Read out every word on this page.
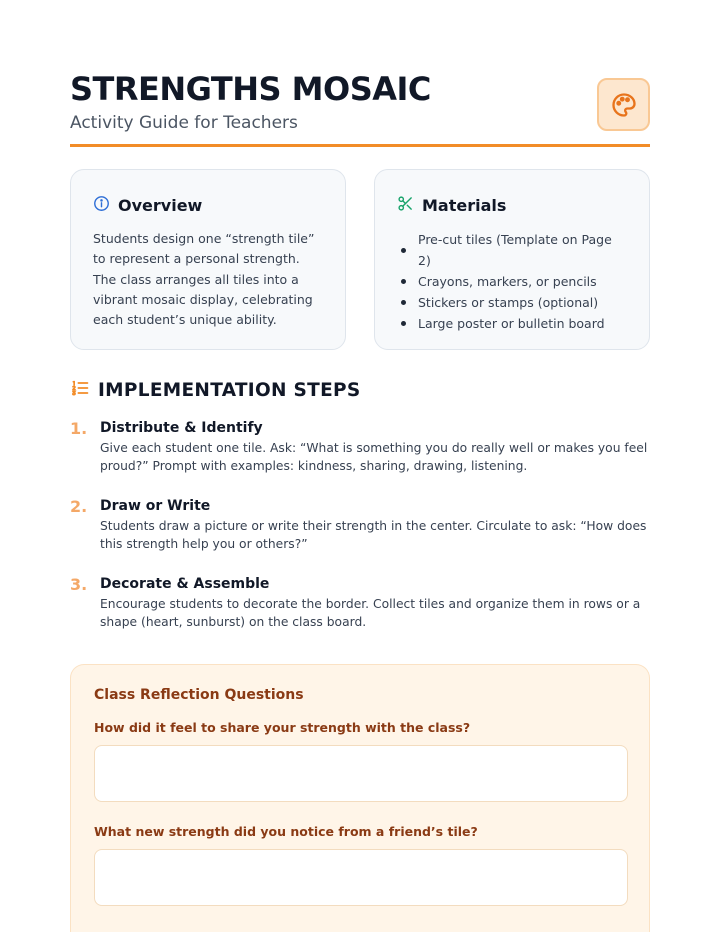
STRENGTHS MOSAIC
Activity Guide for Teachers
Overview

Students design one “strength tile” to represent a personal strength. The class arranges all tiles into a vibrant mosaic display, celebrating each student’s unique ability.

Materials
Pre-cut tiles (Template on Page 2)
Crayons, markers, or pencils
Stickers or stamps (optional)
Large poster or bulletin board
IMPLEMENTATION STEPS
1. Distribute & Identify
Give each student one tile. Ask: “What is something you do really well or makes you feel proud?” Prompt with examples: kindness, sharing, drawing, listening.
2. Draw or Write
Students draw a picture or write their strength in the center. Circulate to ask: “How does this strength help you or others?”
3. Decorate & Assemble
Encourage students to decorate the border. Collect tiles and organize them in rows or a shape (heart, sunburst) on the class board.
Class Reflection Questions
How did it feel to share your strength with the class?
What new strength did you notice from a friend’s tile?
